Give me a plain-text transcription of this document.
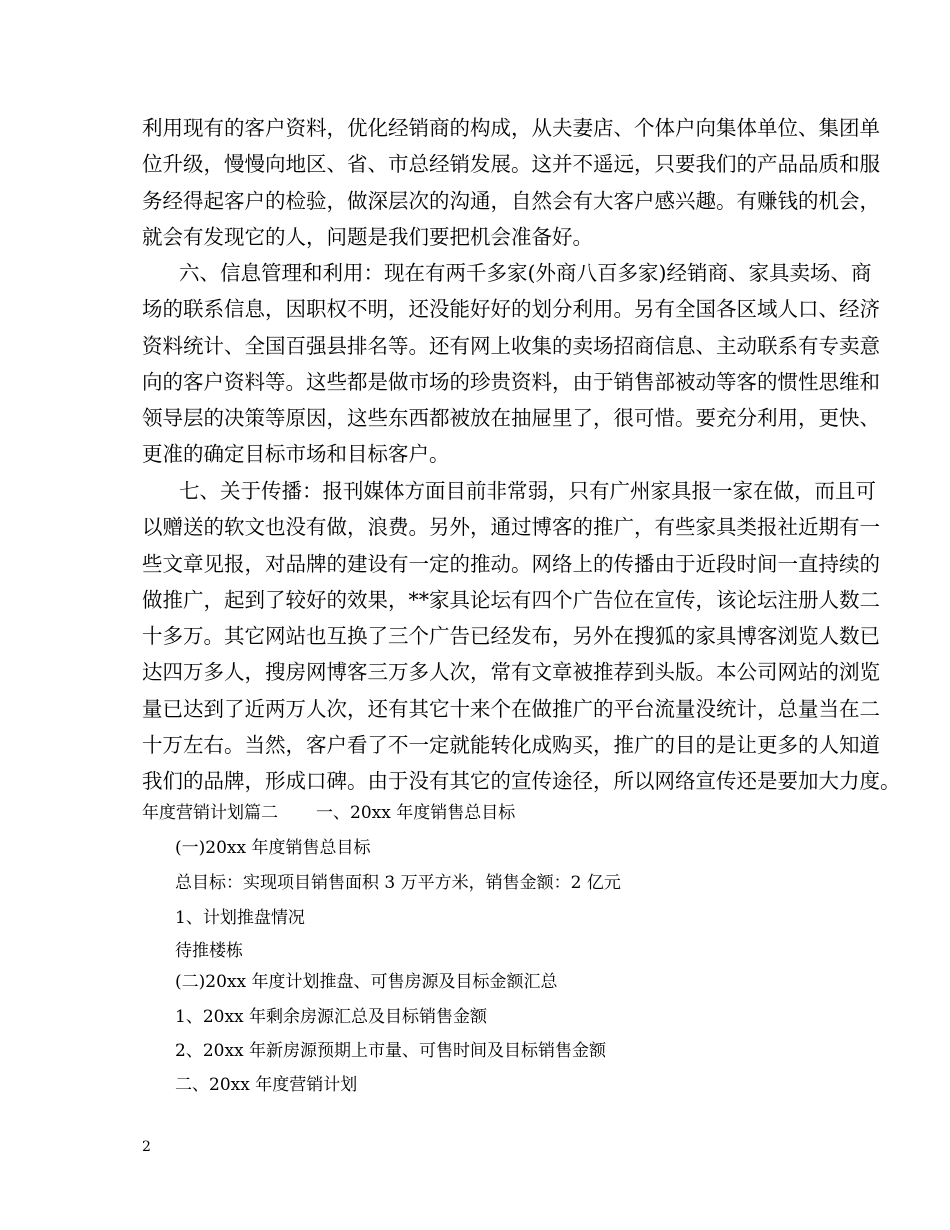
利用现有的客户资料，优化经销商的构成，从夫妻店、个体户向集体单位、集团单
位升级，慢慢向地区、省、市总经销发展。这并不遥远，只要我们的产品品质和服
务经得起客户的检验，做深层次的沟通，自然会有大客户感兴趣。有赚钱的机会，
就会有发现它的人，问题是我们要把机会准备好。
六、信息管理和利用：现在有两千多家(外商八百多家)经销商、家具卖场、商
场的联系信息，因职权不明，还没能好好的划分利用。另有全国各区域人口、经济
资料统计、全国百强县排名等。还有网上收集的卖场招商信息、主动联系有专卖意
向的客户资料等。这些都是做市场的珍贵资料，由于销售部被动等客的惯性思维和
领导层的决策等原因，这些东西都被放在抽屉里了，很可惜。要充分利用，更快、
更准的确定目标市场和目标客户。
七、关于传播：报刊媒体方面目前非常弱，只有广州家具报一家在做，而且可
以赠送的软文也没有做，浪费。另外，通过博客的推广，有些家具类报社近期有一
些文章见报，对品牌的建设有一定的推动。网络上的传播由于近段时间一直持续的
做推广，起到了较好的效果，**家具论坛有四个广告位在宣传，该论坛注册人数二
十多万。其它网站也互换了三个广告已经发布，另外在搜狐的家具博客浏览人数已
达四万多人，搜房网博客三万多人次，常有文章被推荐到头版。本公司网站的浏览
量已达到了近两万人次，还有其它十来个在做推广的平台流量没统计，总量当在二
十万左右。当然，客户看了不一定就能转化成购买，推广的目的是让更多的人知道
我们的品牌，形成口碑。由于没有其它的宣传途径，所以网络宣传还是要加大力度。
年度营销计划篇二 一、20xx 年度销售总目标
(一)20xx 年度销售总目标
总目标：实现项目销售面积 3 万平方米，销售金额：2 亿元
1、计划推盘情况
待推楼栋
(二)20xx 年度计划推盘、可售房源及目标金额汇总
1、20xx 年剩余房源汇总及目标销售金额
2、20xx 年新房源预期上市量、可售时间及目标销售金额
二、20xx 年度营销计划
2
